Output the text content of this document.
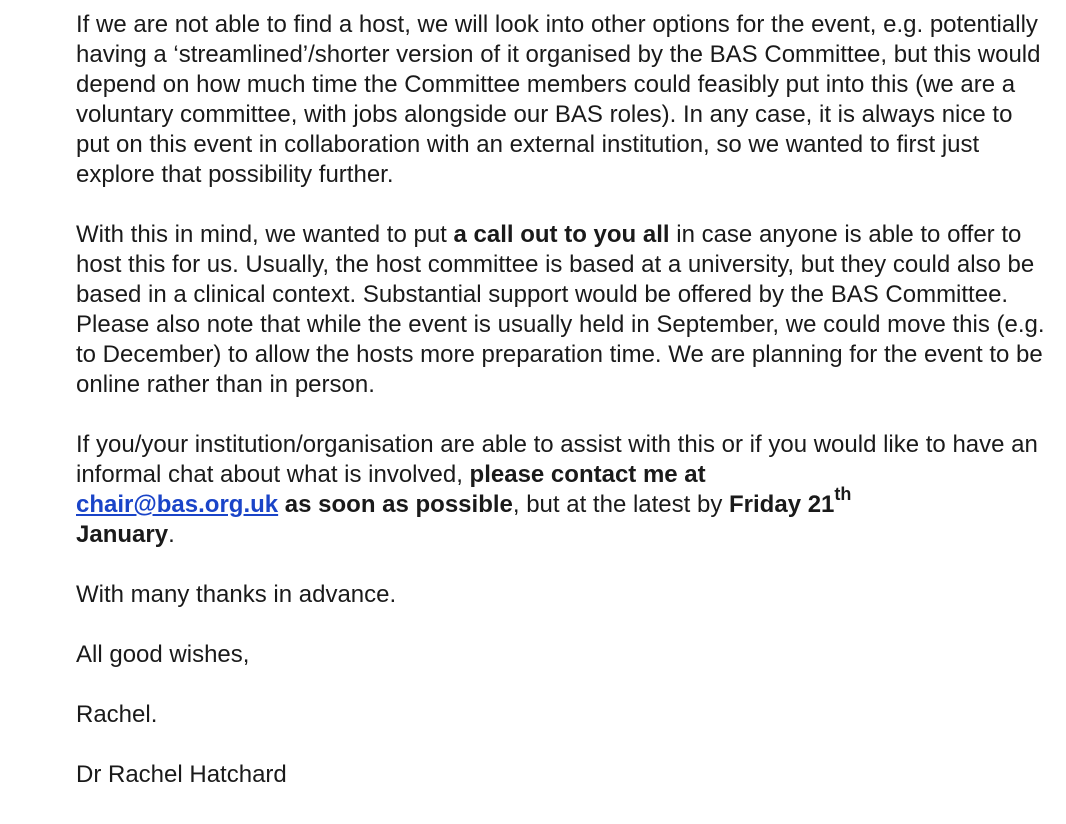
If we are not able to find a host, we will look into other options for the event, e.g. potentially having a ‘streamlined’/shorter version of it organised by the BAS Committee, but this would depend on how much time the Committee members could feasibly put into this (we are a voluntary committee, with jobs alongside our BAS roles). In any case, it is always nice to put on this event in collaboration with an external institution, so we wanted to first just explore that possibility further.

With this in mind, we wanted to put a call out to you all in case anyone is able to offer to host this for us. Usually, the host committee is based at a university, but they could also be based in a clinical context. Substantial support would be offered by the BAS Committee. Please also note that while the event is usually held in September, we could move this (e.g. to December) to allow the hosts more preparation time. We are planning for the event to be online rather than in person.

If you/your institution/organisation are able to assist with this or if you would like to have an informal chat about what is involved, please contact me at
chair@bas.org.uk as soon as possible, but at the latest by Friday 21th
January.

With many thanks in advance.

All good wishes,

Rachel.

Dr Rachel Hatchard
